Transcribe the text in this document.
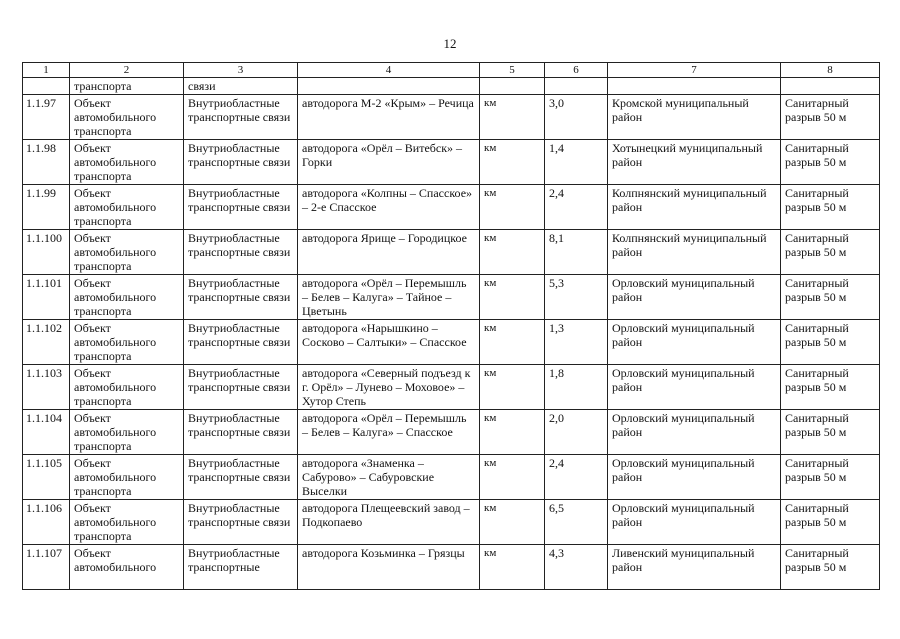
12
1	2	3	4	5	6	7	8
	транспорта	связи					
1.1.97	Объект автомобильного транспорта	Внутриобластные транспортные связи	автодорога М-2 «Крым» – Речица	км	3,0	Кромской муниципальный район	Санитарный разрыв 50 м
1.1.98	Объект автомобильного транспорта	Внутриобластные транспортные связи	автодорога «Орёл – Витебск» – Горки	км	1,4	Хотынецкий муниципальный район	Санитарный разрыв 50 м
1.1.99	Объект автомобильного транспорта	Внутриобластные транспортные связи	автодорога «Колпны – Спасское» – 2-е Спасское	км	2,4	Колпнянский муниципальный район	Санитарный разрыв 50 м
1.1.100	Объект автомобильного транспорта	Внутриобластные транспортные связи	автодорога Ярище – Городицкое	км	8,1	Колпнянский муниципальный район	Санитарный разрыв 50 м
1.1.101	Объект автомобильного транспорта	Внутриобластные транспортные связи	автодорога «Орёл – Перемышль – Белев – Калуга» – Тайное – Цветынь	км	5,3	Орловский муниципальный район	Санитарный разрыв 50 м
1.1.102	Объект автомобильного транспорта	Внутриобластные транспортные связи	автодорога «Нарышкино – Сосково – Салтыки» – Спасское	км	1,3	Орловский муниципальный район	Санитарный разрыв 50 м
1.1.103	Объект автомобильного транспорта	Внутриобластные транспортные связи	автодорога «Северный подъезд к г. Орёл» – Лунево – Моховое» – Хутор Степь	км	1,8	Орловский муниципальный район	Санитарный разрыв 50 м
1.1.104	Объект автомобильного транспорта	Внутриобластные транспортные связи	автодорога «Орёл – Перемышль – Белев – Калуга» – Спасское	км	2,0	Орловский муниципальный район	Санитарный разрыв 50 м
1.1.105	Объект автомобильного транспорта	Внутриобластные транспортные связи	автодорога «Знаменка – Сабурово» – Сабуровские Выселки	км	2,4	Орловский муниципальный район	Санитарный разрыв 50 м
1.1.106	Объект автомобильного транспорта	Внутриобластные транспортные связи	автодорога Плещеевский завод – Подкопаево	км	6,5	Орловский муниципальный район	Санитарный разрыв 50 м
1.1.107	Объект автомобильного	Внутриобластные транспортные	автодорога Козьминка – Грязцы	км	4,3	Ливенский муниципальный район	Санитарный разрыв 50 м
